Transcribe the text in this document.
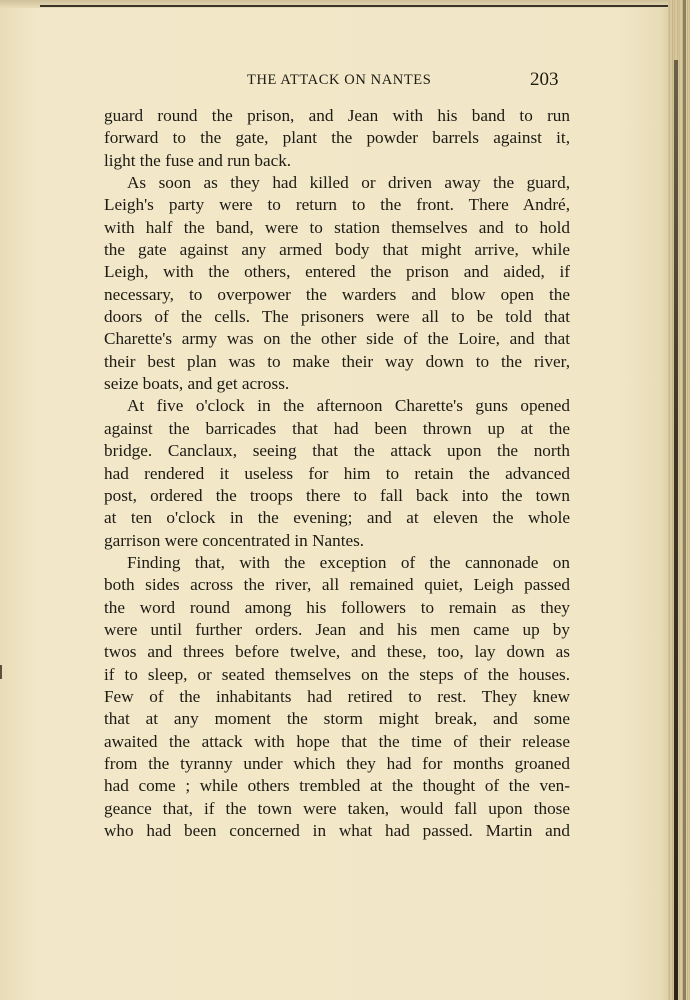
THE ATTACK ON NANTES	203
guard round the prison, and Jean with his band to run
forward to the gate, plant the powder barrels against it,
light the fuse and run back.
As soon as they had killed or driven away the guard,
Leigh's party were to return to the front. There André,
with half the band, were to station themselves and to hold
the gate against any armed body that might arrive, while
Leigh, with the others, entered the prison and aided, if
necessary, to overpower the warders and blow open the
doors of the cells. The prisoners were all to be told that
Charette's army was on the other side of the Loire, and that
their best plan was to make their way down to the river,
seize boats, and get across.
At five o'clock in the afternoon Charette's guns opened
against the barricades that had been thrown up at the
bridge. Canclaux, seeing that the attack upon the north
had rendered it useless for him to retain the advanced
post, ordered the troops there to fall back into the town
at ten o'clock in the evening; and at eleven the whole
garrison were concentrated in Nantes.
Finding that, with the exception of the cannonade on
both sides across the river, all remained quiet, Leigh passed
the word round among his followers to remain as they
were until further orders. Jean and his men came up by
twos and threes before twelve, and these, too, lay down as
if to sleep, or seated themselves on the steps of the houses.
Few of the inhabitants had retired to rest. They knew
that at any moment the storm might break, and some
awaited the attack with hope that the time of their release
from the tyranny under which they had for months groaned
had come ; while others trembled at the thought of the ven-
geance that, if the town were taken, would fall upon those
who had been concerned in what had passed. Martin and
